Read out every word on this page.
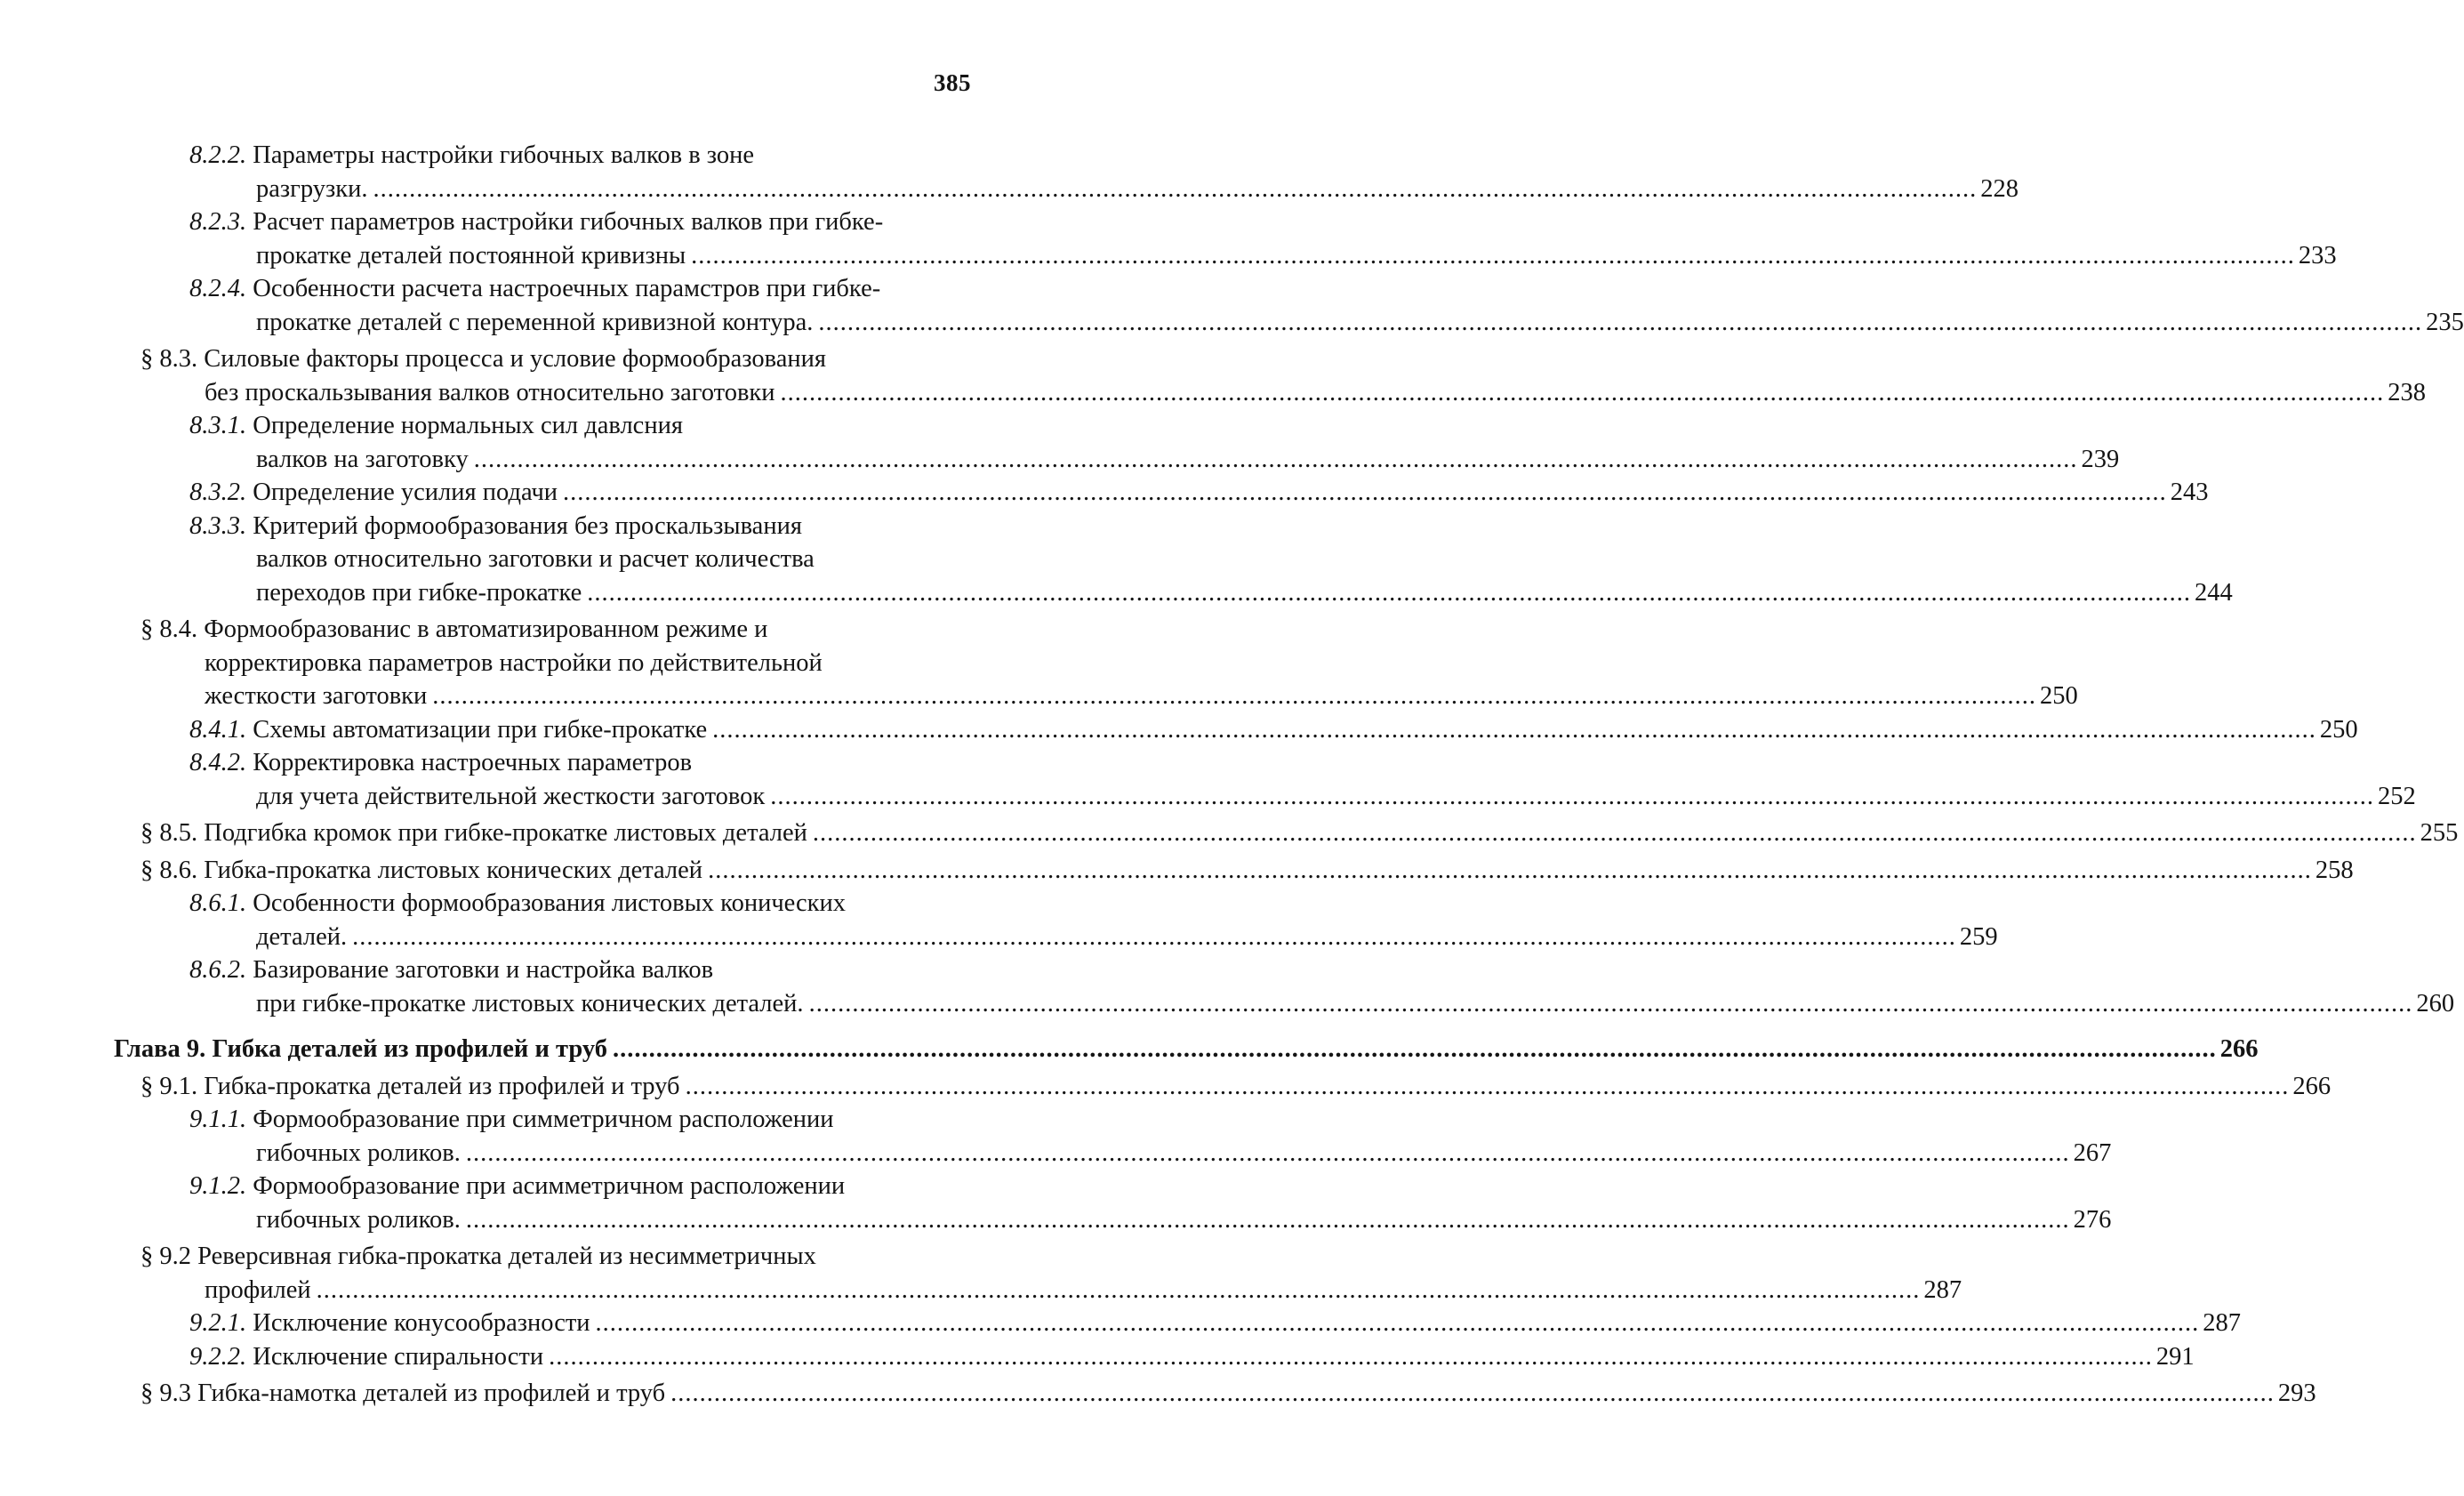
385
8.2.2. Параметры настройки гибочных валков в зоне
разгрузки. .............................................................................................................................................................................................................................. 228
8.2.3. Расчет параметров настройки гибочных валков при гибке-
прокатке деталей постоянной кривизны .............................................................................................................................................................................................................................. 233
8.2.4. Особенности расчета настроечных парамстров при гибке-
прокатке деталей с переменной кривизной контура. .............................................................................................................................................................................................................................. 235
§ 8.3. Силовые факторы процесса и условие формообразования
без проскальзывания валков относительно заготовки .............................................................................................................................................................................................................................. 238
8.3.1. Определение нормальных сил давлсния
валков на заготовку .............................................................................................................................................................................................................................. 239
8.3.2. Определение усилия подачи .............................................................................................................................................................................................................................. 243
8.3.3. Критерий формообразования без проскальзывания
валков относительно заготовки и расчет количества
переходов при гибке-прокатке .............................................................................................................................................................................................................................. 244
§ 8.4. Формообразованис в автоматизированном режиме и
корректировка параметров настройки по действительной
жесткости заготовки .............................................................................................................................................................................................................................. 250
8.4.1. Схемы автоматизации при гибке-прокатке .............................................................................................................................................................................................................................. 250
8.4.2. Корректировка настроечных параметров
для учета действительной жесткости заготовок .............................................................................................................................................................................................................................. 252
§ 8.5. Подгибка кромок при гибке-прокатке листовых деталей .............................................................................................................................................................................................................................. 255
§ 8.6. Гибка-прокатка листовых конических деталей .............................................................................................................................................................................................................................. 258
8.6.1. Особенности формообразования листовых конических
деталей. .............................................................................................................................................................................................................................. 259
8.6.2. Базирование заготовки и настройка валков
при гибке-прокатке листовых конических деталей. .............................................................................................................................................................................................................................. 260
Глава 9. Гибка деталей из профилей и труб .............................................................................................................................................................................................................................. 266
§ 9.1. Гибка-прокатка деталей из профилей и труб .............................................................................................................................................................................................................................. 266
9.1.1. Формообразование при симметричном расположении
гибочных роликов. .............................................................................................................................................................................................................................. 267
9.1.2. Формообразование при асимметричном расположении
гибочных роликов. .............................................................................................................................................................................................................................. 276
§ 9.2 Реверсивная гибка-прокатка деталей из несимметричных
профилей .............................................................................................................................................................................................................................. 287
9.2.1. Исключение конусообразности .............................................................................................................................................................................................................................. 287
9.2.2. Исключение спиральности .............................................................................................................................................................................................................................. 291
§ 9.3 Гибка-намотка деталей из профилей и труб .............................................................................................................................................................................................................................. 293
